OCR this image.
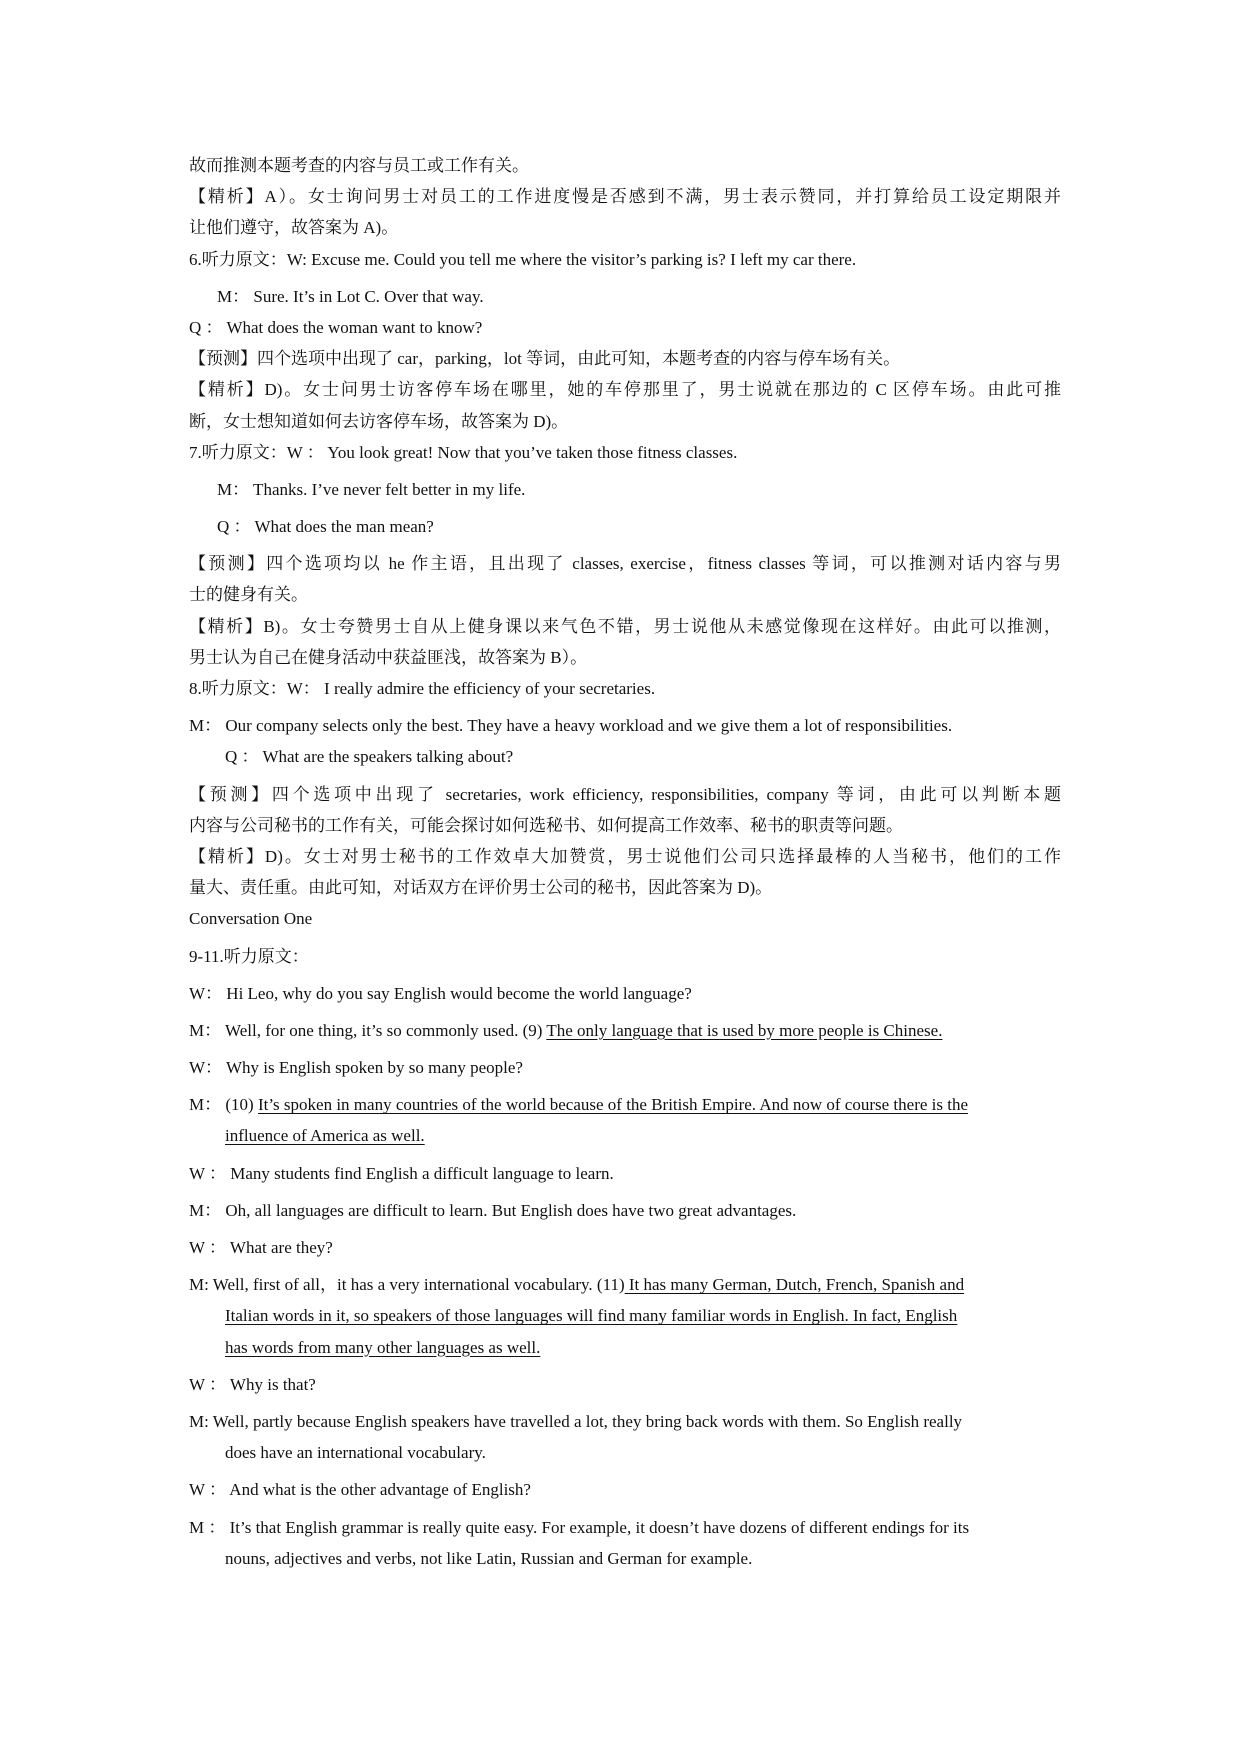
故而推测本题考查的内容与员工或工作有关。
【精析】A）。女士询问男士对员工的工作进度慢是否感到不满，男士表示赞同，并打算给员工设定期限并
让他们遵守，故答案为 A)。
6.听力原文：W: Excuse me. Could you tell me where the visitor’s parking is? I left my car there.
M： Sure. It’s in Lot C. Over that way.
Q ： What does the woman want to know?
【预测】四个选项中出现了 car，parking，lot 等词，由此可知，本题考查的内容与停车场有关。
【精析】D)。女士问男士访客停车场在哪里，她的车停那里了，男士说就在那边的 C 区停车场。由此可推
断，女士想知道如何去访客停车场，故答案为 D)。
7.听力原文：W ： You look great! Now that you’ve taken those fitness classes.
M： Thanks. I’ve never felt better in my life.
Q ： What does the man mean?
【预测】四个选项均以 he 作主语，且出现了 classes, exercise，fitness classes 等词，可以推测对话内容与男
士的健身有关。
【精析】B)。女士夸赞男士自从上健身课以来气色不错，男士说他从未感觉像现在这样好。由此可以推测，
男士认为自己在健身活动中获益匪浅，故答案为 B）。
8.听力原文：W： I really admire the efficiency of your secretaries.
M： Our company selects only the best. They have a heavy workload and we give them a lot of responsibilities.
Q ： What are the speakers talking about?
【预测】四个选项中出现了 secretaries, work efficiency, responsibilities, company 等词，由此可以判断本题
内容与公司秘书的工作有关，可能会探讨如何选秘书、如何提高工作效率、秘书的职责等问题。
【精析】D)。女士对男士秘书的工作效卓大加赞赏，男士说他们公司只选择最棒的人当秘书，他们的工作
量大、责任重。由此可知，对话双方在评价男士公司的秘书，因此答案为 D)。
Conversation One
9-11.听力原文：
W： Hi Leo, why do you say English would become the world language?
M： Well, for one thing, it’s so commonly used. (9) The only language that is used by more people is Chinese.
W： Why is English spoken by so many people?
M： (10) It’s spoken in many countries of the world because of the British Empire. And now of course there is the
influence of America as well.
W ： Many students find English a difficult language to learn.
M： Oh, all languages are difficult to learn. But English does have two great advantages.
W ： What are they?
M: Well, first of all，it has a very international vocabulary. (11) It has many German, Dutch, French, Spanish and
Italian words in it, so speakers of those languages will find many familiar words in English. In fact, English
has words from many other languages as well.
W ： Why is that?
M: Well, partly because English speakers have travelled a lot, they bring back words with them. So English really
does have an international vocabulary.
W ： And what is the other advantage of English?
M ： It’s that English grammar is really quite easy. For example, it doesn’t have dozens of different endings for its
nouns, adjectives and verbs, not like Latin, Russian and German for example.
